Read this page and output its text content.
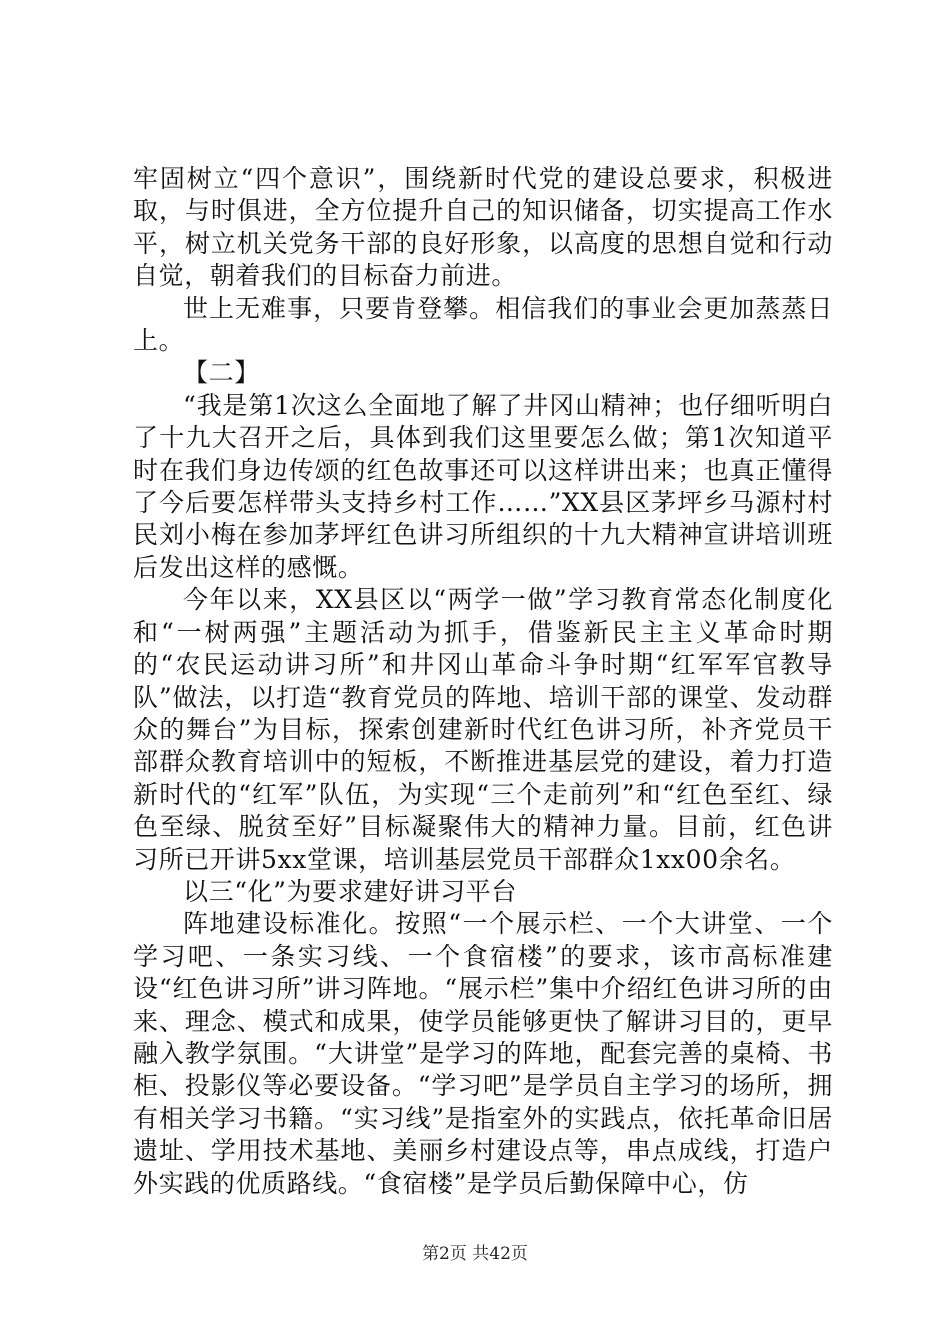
牢固树立“四个意识”，围绕新时代党的建设总要求，积极进取，与时俱进，全方位提升自己的知识储备，切实提高工作水平，树立机关党务干部的良好形象，以高度的思想自觉和行动自觉，朝着我们的目标奋力前进。

世上无难事，只要肯登攀。相信我们的事业会更加蒸蒸日上。

【二】

“我是第1次这么全面地了解了井冈山精神；也仔细听明白了十九大召开之后，具体到我们这里要怎么做；第1次知道平时在我们身边传颂的红色故事还可以这样讲出来；也真正懂得了今后要怎样带头支持乡村工作……”XX县区茅坪乡马源村村民刘小梅在参加茅坪红色讲习所组织的十九大精神宣讲培训班后发出这样的感慨。

今年以来，XX县区以“两学一做”学习教育常态化制度化和“一树两强”主题活动为抓手，借鉴新民主主义革命时期的“农民运动讲习所”和井冈山革命斗争时期“红军军官教导队”做法，以打造“教育党员的阵地、培训干部的课堂、发动群众的舞台”为目标，探索创建新时代红色讲习所，补齐党员干部群众教育培训中的短板，不断推进基层党的建设，着力打造新时代的“红军”队伍，为实现“三个走前列”和“红色至红、绿色至绿、脱贫至好”目标凝聚伟大的精神力量。目前，红色讲习所已开讲5xx堂课，培训基层党员干部群众1xx00余名。

以三“化”为要求建好讲习平台

阵地建设标准化。按照“一个展示栏、一个大讲堂、一个学习吧、一条实习线、一个食宿楼”的要求，该市高标准建设“红色讲习所”讲习阵地。“展示栏”集中介绍红色讲习所的由来、理念、模式和成果，使学员能够更快了解讲习目的，更早融入教学氛围。“大讲堂”是学习的阵地，配套完善的桌椅、书柜、投影仪等必要设备。“学习吧”是学员自主学习的场所，拥有相关学习书籍。“实习线”是指室外的实践点，依托革命旧居遗址、学用技术基地、美丽乡村建设点等，串点成线，打造户外实践的优质路线。“食宿楼”是学员后勤保障中心，仿

第2页 共42页
